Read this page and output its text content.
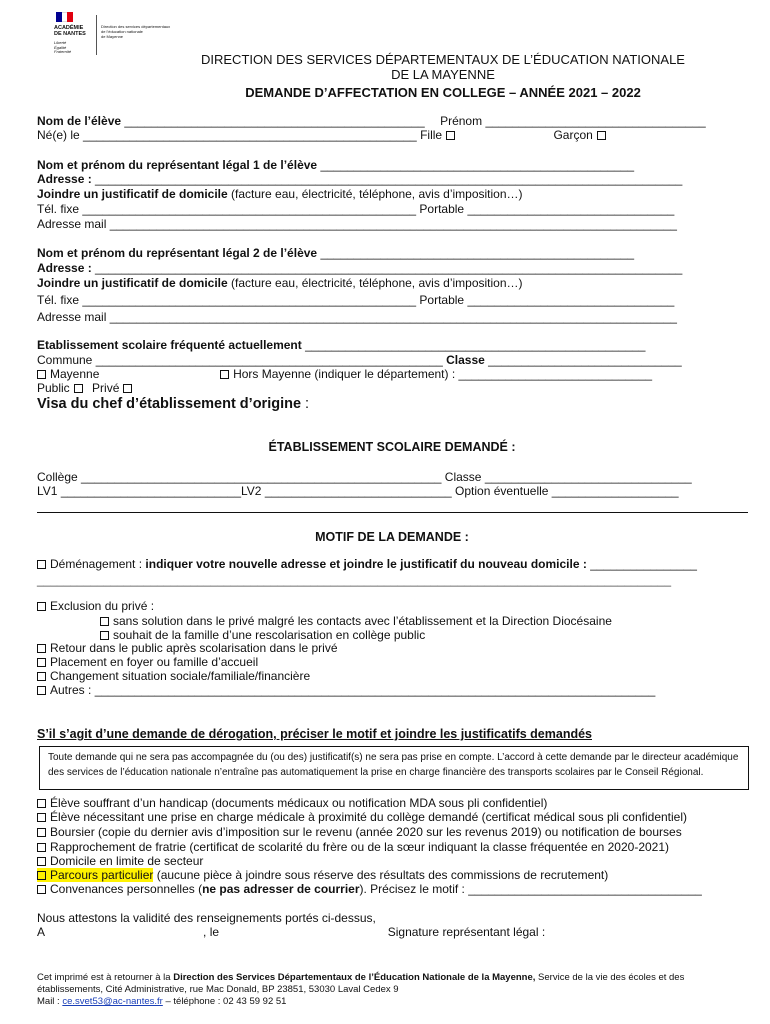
ACADÉMIE
DE NANTES
Liberté
Égalité
Fraternité
Direction des services départementaux
de l'éducation nationale
de Mayenne
DIRECTION DES SERVICES DÉPARTEMENTAUX DE L’ÉDUCATION NATIONALE
DE LA MAYENNE
DEMANDE D’AFFECTATION EN COLLEGE – ANNÉE 2021 – 2022
Nom de l’élève _____________________________________________ Prénom _________________________________
Né(e) le __________________________________________________ Fille	Garçon
Nom et prénom du représentant légal 1 de l’élève _______________________________________________
Adresse : ________________________________________________________________________________________
Joindre un justificatif de domicile (facture eau, électricité, téléphone, avis d’imposition…)
Tél. fixe __________________________________________________ Portable _______________________________
Adresse mail _____________________________________________________________________________________
Nom et prénom du représentant légal 2 de l’élève _______________________________________________
Adresse : ________________________________________________________________________________________
Joindre un justificatif de domicile (facture eau, électricité, téléphone, avis d’imposition…)
Tél. fixe __________________________________________________ Portable _______________________________
Adresse mail _____________________________________________________________________________________
Etablissement scolaire fréquenté actuellement ___________________________________________________
Commune ____________________________________________________ Classe _____________________________
Mayenne	Hors Mayenne (indiquer le département) : _____________________________
Public Privé
Visa du chef d’établissement d’origine :
ÉTABLISSEMENT SCOLAIRE DEMANDÉ :
Collège ______________________________________________________ Classe _______________________________
LV1 ___________________________LV2 ____________________________ Option éventuelle ___________________
MOTIF DE LA DEMANDE :
Déménagement : indiquer votre nouvelle adresse et joindre le justificatif du nouveau domicile : ________________
_______________________________________________________________________________________________
Exclusion du privé :
sans solution dans le privé malgré les contacts avec l’établissement et la Direction Diocésaine
souhait de la famille d’une rescolarisation en collège public
Retour dans le public après scolarisation dans le privé
Placement en foyer ou famille d’accueil
Changement situation sociale/familiale/financière
Autres : ____________________________________________________________________________________
S’il s’agit d’une demande de dérogation, préciser le motif et joindre les justificatifs demandés
Toute demande qui ne sera pas accompagnée du (ou des) justificatif(s) ne sera pas prise en compte. L’accord à cette demande par le directeur académique des services de l’éducation nationale n’entraîne pas automatiquement la prise en charge financière des transports scolaires par le Conseil Régional.
Élève souffrant d’un handicap (documents médicaux ou notification MDA sous pli confidentiel)
Élève nécessitant une prise en charge médicale à proximité du collège demandé (certificat médical sous pli confidentiel)
Boursier (copie du dernier avis d’imposition sur le revenu (année 2020 sur les revenus 2019) ou notification de bourses
Rapprochement de fratrie (certificat de scolarité du frère ou de la sœur indiquant la classe fréquentée en 2020-2021)
Domicile en limite de secteur
Parcours particulier (aucune pièce à joindre sous réserve des résultats des commissions de recrutement)
Convenances personnelles (ne pas adresser de courrier). Précisez le motif : ___________________________________
Nous attestons la validité des renseignements portés ci-dessus,
A	, le	Signature représentant légal :
Cet imprimé est à retourner à la Direction des Services Départementaux de l’Éducation Nationale de la Mayenne, Service de la vie des écoles et des établissements, Cité Administrative, rue Mac Donald, BP 23851, 53030 Laval Cedex 9
Mail : ce.svet53@ac-nantes.fr – téléphone : 02 43 59 92 51
